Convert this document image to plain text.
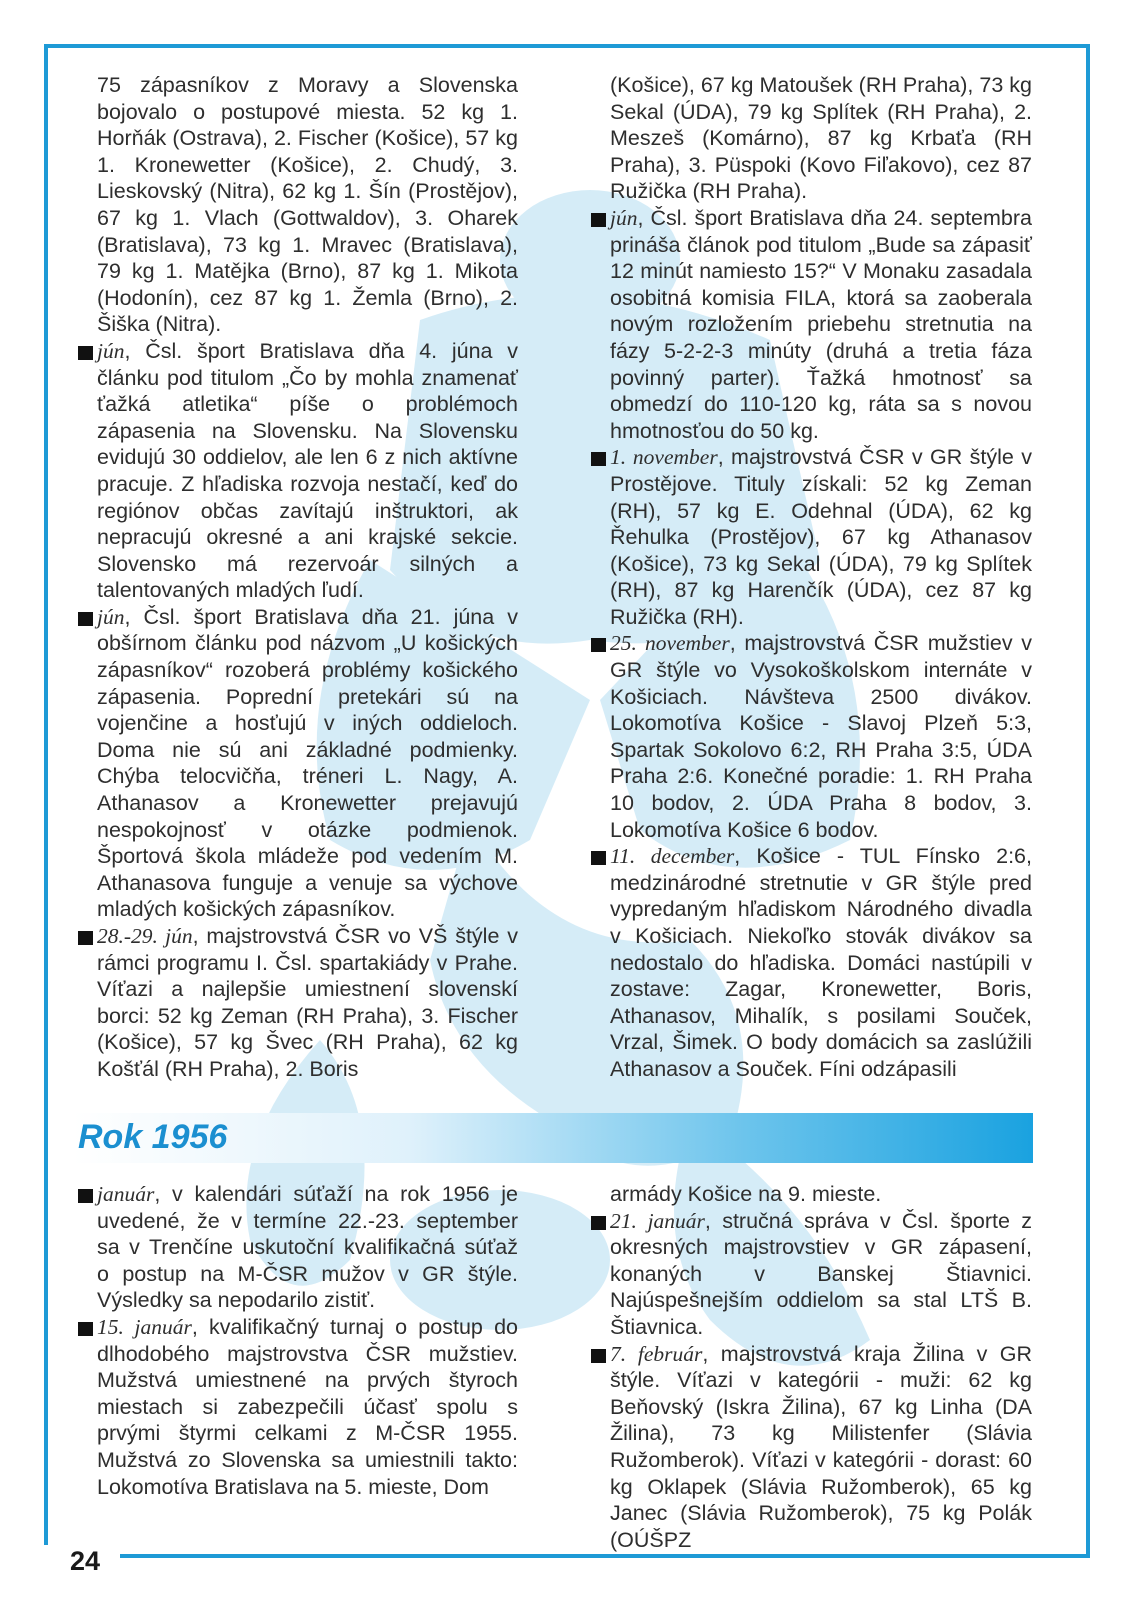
75 zápasníkov z Moravy a Slovenska bojovalo o postupové miesta. 52 kg 1. Horňák (Ostrava), 2. Fischer (Košice), 57 kg 1. Kronewetter (Košice), 2. Chudý, 3. Lieskovský (Nitra), 62 kg 1. Šín (Prostějov), 67 kg 1. Vlach (Gottwaldov), 3. Oharek (Bratislava), 73 kg 1. Mravec (Bratislava), 79 kg 1. Matějka (Brno), 87 kg 1. Mikota (Hodonín), cez 87 kg 1. Žemla (Brno), 2. Šiška (Nitra).

jún, Čsl. šport Bratislava dňa 4. júna v článku pod titulom „Čo by mohla znamenať ťažká atletika“ píše o problémoch zápasenia na Slovensku. Na Slovensku evidujú 30 oddielov, ale len 6 z nich aktívne pracuje. Z hľadiska rozvoja nestačí, keď do regiónov občas zavítajú inštruktori, ak nepracujú okresné a ani krajské sekcie. Slovensko má rezervoár silných a talentovaných mladých ľudí.

jún, Čsl. šport Bratislava dňa 21. júna v obšírnom článku pod názvom „U košických zápasníkov“ rozoberá problémy košického zápasenia. Poprední pretekári sú na vojenčine a hosťujú v iných oddieloch. Doma nie sú ani základné podmienky. Chýba telocvičňa, tréneri L. Nagy, A. Athanasov a Kronewetter prejavujú nespokojnosť v otázke podmienok. Športová škola mládeže pod vedením M. Athanasova funguje a venuje sa výchove mladých košických zápasníkov.

28.-29. jún, majstrovstvá ČSR vo VŠ štýle v rámci programu I. Čsl. spartakiády v Prahe. Víťazi a najlepšie umiestnení slovenskí borci: 52 kg Zeman (RH Praha), 3. Fischer (Košice), 57 kg Švec (RH Praha), 62 kg Košťál (RH Praha), 2. Boris

(Košice), 67 kg Matoušek (RH Praha), 73 kg Sekal (ÚDA), 79 kg Splítek (RH Praha), 2. Meszeš (Komárno), 87 kg Krbaťa (RH Praha), 3. Püspoki (Kovo Fiľakovo), cez 87 Ružička (RH Praha).

jún, Čsl. šport Bratislava dňa 24. septembra prináša článok pod titulom „Bude sa zápasiť 12 minút namiesto 15?“ V Monaku zasadala osobitná komisia FILA, ktorá sa zaoberala novým rozložením priebehu stretnutia na fázy 5-2-2-3 minúty (druhá a tretia fáza povinný parter). Ťažká hmotnosť sa obmedzí do 110-120 kg, ráta sa s novou hmotnosťou do 50 kg.

1. november, majstrovstvá ČSR v GR štýle v Prostějove. Tituly získali: 52 kg Zeman (RH), 57 kg E. Odehnal (ÚDA), 62 kg Řehulka (Prostějov), 67 kg Athanasov (Košice), 73 kg Sekal (ÚDA), 79 kg Splítek (RH), 87 kg Harenčík (ÚDA), cez 87 kg Ružička (RH).

25. november, majstrovstvá ČSR mužstiev v GR štýle vo Vysokoškolskom internáte v Košiciach. Návšteva 2500 divákov. Lokomotíva Košice - Slavoj Plzeň 5:3, Spartak Sokolovo 6:2, RH Praha 3:5, ÚDA Praha 2:6. Konečné poradie: 1. RH Praha 10 bodov, 2. ÚDA Praha 8 bodov, 3. Lokomotíva Košice 6 bodov.

11. december, Košice - TUL Fínsko 2:6, medzinárodné stretnutie v GR štýle pred vypredaným hľadiskom Národného divadla v Košiciach. Niekoľko stovák divákov sa nedostalo do hľadiska. Domáci nastúpili v zostave: Zagar, Kronewetter, Boris, Athanasov, Mihalík, s posilami Souček, Vrzal, Šimek. O body domácich sa zaslúžili Athanasov a Souček. Fíni odzápasili

Rok 1956

január, v kalendári súťaží na rok 1956 je uvedené, že v termíne 22.-23. september sa v Trenčíne uskutoční kvalifikačná súťaž o postup na M-ČSR mužov v GR štýle. Výsledky sa nepodarilo zistiť.

15. január, kvalifikačný turnaj o postup do dlhodobého majstrovstva ČSR mužstiev. Mužstvá umiestnené na prvých štyroch miestach si zabezpečili účasť spolu s prvými štyrmi celkami z M-ČSR 1955. Mužstvá zo Slovenska sa umiestnili takto: Lokomotíva Bratislava na 5. mieste, Dom

armády Košice na 9. mieste.

21. január, stručná správa v Čsl. športe z okresných majstrovstiev v GR zápasení, konaných v Banskej Štiavnici. Najúspešnejším oddielom sa stal LTŠ B. Štiavnica.

7. február, majstrovstvá kraja Žilina v GR štýle. Víťazi v kategórii - muži: 62 kg Beňovský (Iskra Žilina), 67 kg Linha (DA Žilina), 73 kg Milistenfer (Slávia Ružomberok). Víťazi v kategórii - dorast: 60 kg Oklapek (Slávia Ružomberok), 65 kg Janec (Slávia Ružomberok), 75 kg Polák (OÚŠPZ

24
